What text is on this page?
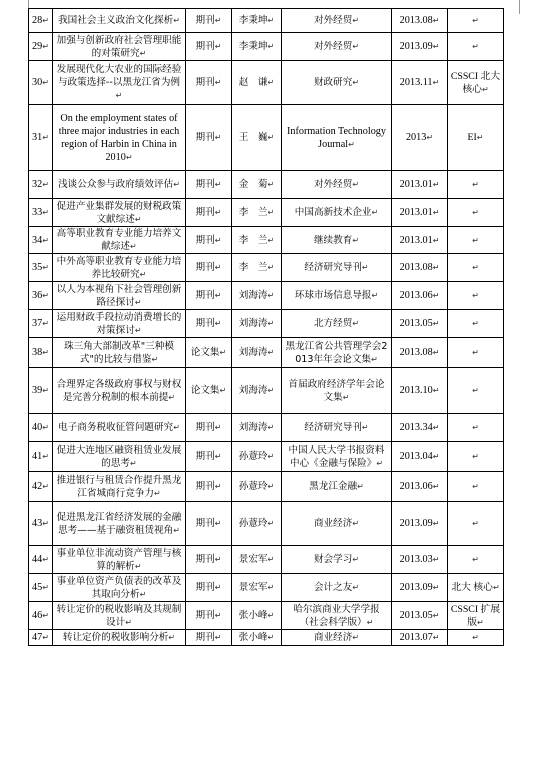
28↵	我国社会主义政治文化探析↵	期刊↵	李秉坤↵	对外经贸↵	2013.08↵	↵
29↵	加强与创新政府社会管理职能的对策研究↵	期刊↵	李秉坤↵	对外经贸↵	2013.09↵	↵
30↵	发展现代化大农业的国际经验与政策选择--以黑龙江省为例↵	期刊↵	赵　谦↵	财政研究↵	2013.11↵	CSSCI 北大核心↵
31↵	On the employment states of three major industries in each region of Harbin in China in 2010↵	期刊↵	王　巍↵	Information Technology Journal↵	2013↵	EI↵
32↵	浅谈公众参与政府绩效评估↵	期刊↵	金　菊↵	对外经贸↵	2013.01↵	↵
33↵	促进产业集群发展的财税政策文献综述↵	期刊↵	李　兰↵	中国高新技术企业↵	2013.01↵	↵
34↵	高等职业教育专业能力培养文献综述↵	期刊↵	李　兰↵	继续教育↵	2013.01↵	↵
35↵	中外高等职业教育专业能力培养比较研究↵	期刊↵	李　兰↵	经济研究导刊↵	2013.08↵	↵
36↵	以人为本视角下社会管理创新路径探讨↵	期刊↵	刘海涛↵	环球市场信息导报↵	2013.06↵	↵
37↵	运用财政手段拉动消费增长的对策探讨↵	期刊↵	刘海涛↵	北方经贸↵	2013.05↵	↵
38↵	珠三角大部制改革"三种模式"的比较与借鉴↵	论文集↵	刘海涛↵	黑龙江省公共管理学会2013年年会论文集↵	2013.08↵	↵
39↵	合理界定各级政府事权与财权是完善分税制的根本前提↵	论文集↵	刘海涛↵	首届政府经济学年会论文集↵	2013.10↵	↵
40↵	电子商务税收征管问题研究↵	期刊↵	刘海涛↵	经济研究导刊↵	2013.34↵	↵
41↵	促进大连地区融资租赁业发展的思考↵	期刊↵	孙薏玲↵	中国人民大学书报资料中心《金融与保险》↵	2013.04↵	↵
42↵	推进银行与租赁合作提升黑龙江省城商行竞争力↵	期刊↵	孙薏玲↵	黑龙江金融↵	2013.06↵	↵
43↵	促进黑龙江省经济发展的金融思考——基于融资租赁视角↵	期刊↵	孙薏玲↵	商业经济↵	2013.09↵	↵
44↵	事业单位非流动资产管理与核算的解析↵	期刊↵	景宏军↵	财会学习↵	2013.03↵	↵
45↵	事业单位资产负债表的改革及其取向分析↵	期刊↵	景宏军↵	会计之友↵	2013.09↵	北大 核心↵
46↵	转让定价的税收影响及其规制设计↵	期刊↵	张小峰↵	哈尔滨商业大学学报（社会科学版）↵	2013.05↵	CSSCI 扩展版↵
47↵	转让定价的税收影响分析↵	期刊↵	张小峰↵	商业经济↵	2013.07↵	↵
